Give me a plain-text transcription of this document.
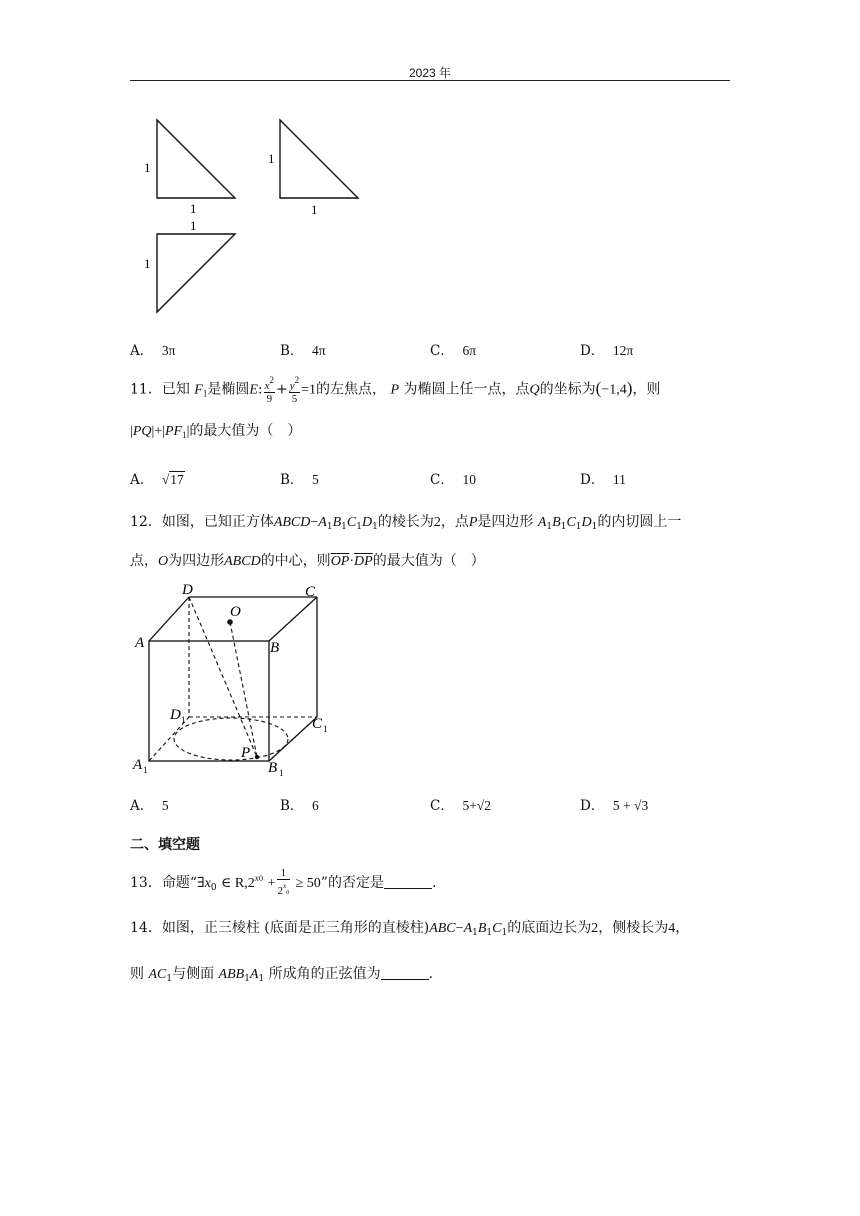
2023 年
1
1
1
1
1
1
A． 3π	B． 4π	C． 6π	D． 12π
11．已知 $F_1$是椭圆E: $\frac{x^2}{9} + \frac{y^2}{5} =1$的左焦点， P 为椭圆上任一点，点Q的坐标为(−1,4)，则
$|PQ|+|PF_1|$的最大值为（　）
A． √17	B． 5	C． 10	D． 11
12．如图，已知正方体$ABCD-A_1B_1C_1D_1$的棱长为2，点P是四边形 $A_1B_1C_1D_1$的内切圆上一
点，O为四边形ABCD的中心，则$\overline{OP}\cdot\overline{DP}$的最大值为（　）
D	C
O
A	B
D 1	C 1
A 1	B 1
P
A． 5	B． 6	C． 5+√2	D． 5 + √3
二、填空题
13．命题“$\exists x_0$ ∈ $R,2^{x0} + \frac{1}{2^x0} \ge 50$”的否定是	.
14．如图，正三棱柱 (底面是正三角形的直棱柱)$ABC-A_1B_1C_1$的底面边长为2，侧棱长为4，
则 $AC_1$与侧面 $ABB_1A_1$ 所成角的正弦值为	.
